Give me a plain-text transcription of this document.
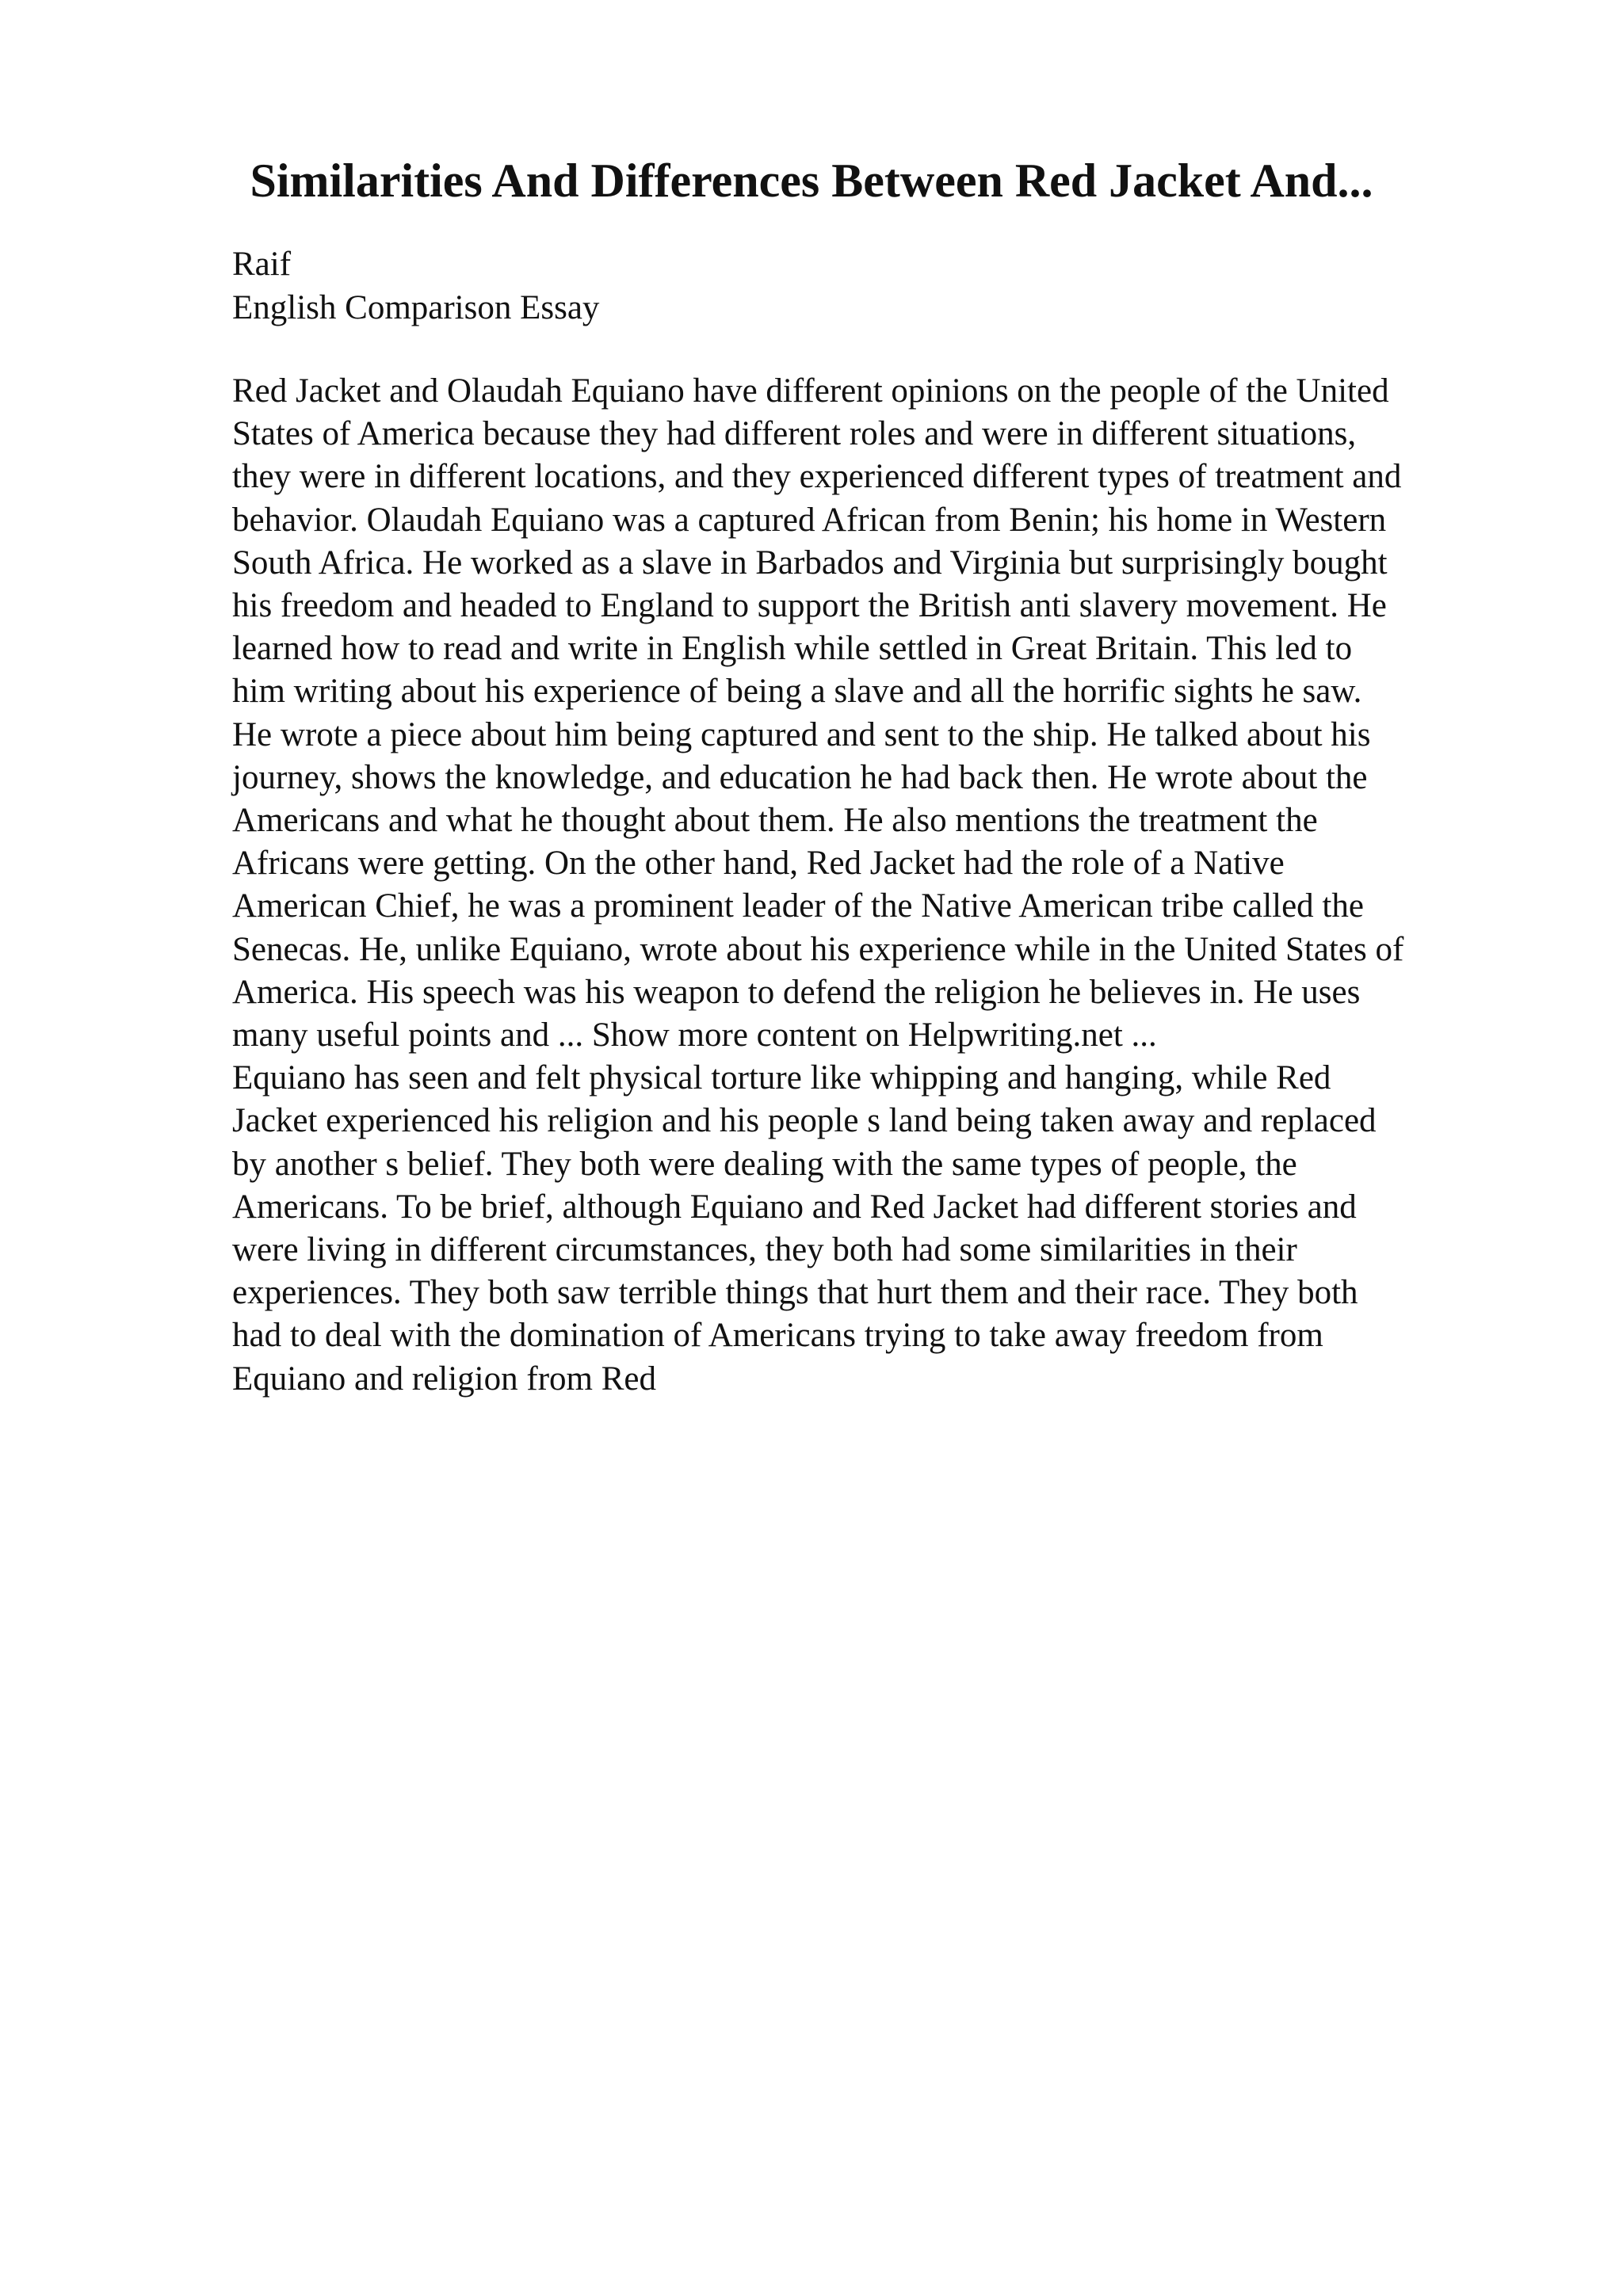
Similarities And Differences Between Red Jacket And...
Raif
English Comparison Essay
Red Jacket and Olaudah Equiano have different opinions on the people of the United
States of America because they had different roles and were in different situations,
they were in different locations, and they experienced different types of treatment and
behavior. Olaudah Equiano was a captured African from Benin; his home in Western
South Africa. He worked as a slave in Barbados and Virginia but surprisingly bought
his freedom and headed to England to support the British anti slavery movement. He
learned how to read and write in English while settled in Great Britain. This led to
him writing about his experience of being a slave and all the horrific sights he saw.
He wrote a piece about him being captured and sent to the ship. He talked about his
journey, shows the knowledge, and education he had back then. He wrote about the
Americans and what he thought about them. He also mentions the treatment the
Africans were getting. On the other hand, Red Jacket had the role of a Native
American Chief, he was a prominent leader of the Native American tribe called the
Senecas. He, unlike Equiano, wrote about his experience while in the United States of
America. His speech was his weapon to defend the religion he believes in. He uses
many useful points and ... Show more content on Helpwriting.net ...
Equiano has seen and felt physical torture like whipping and hanging, while Red
Jacket experienced his religion and his people s land being taken away and replaced
by another s belief. They both were dealing with the same types of people, the
Americans. To be brief, although Equiano and Red Jacket had different stories and
were living in different circumstances, they both had some similarities in their
experiences. They both saw terrible things that hurt them and their race. They both
had to deal with the domination of Americans trying to take away freedom from
Equiano and religion from Red
